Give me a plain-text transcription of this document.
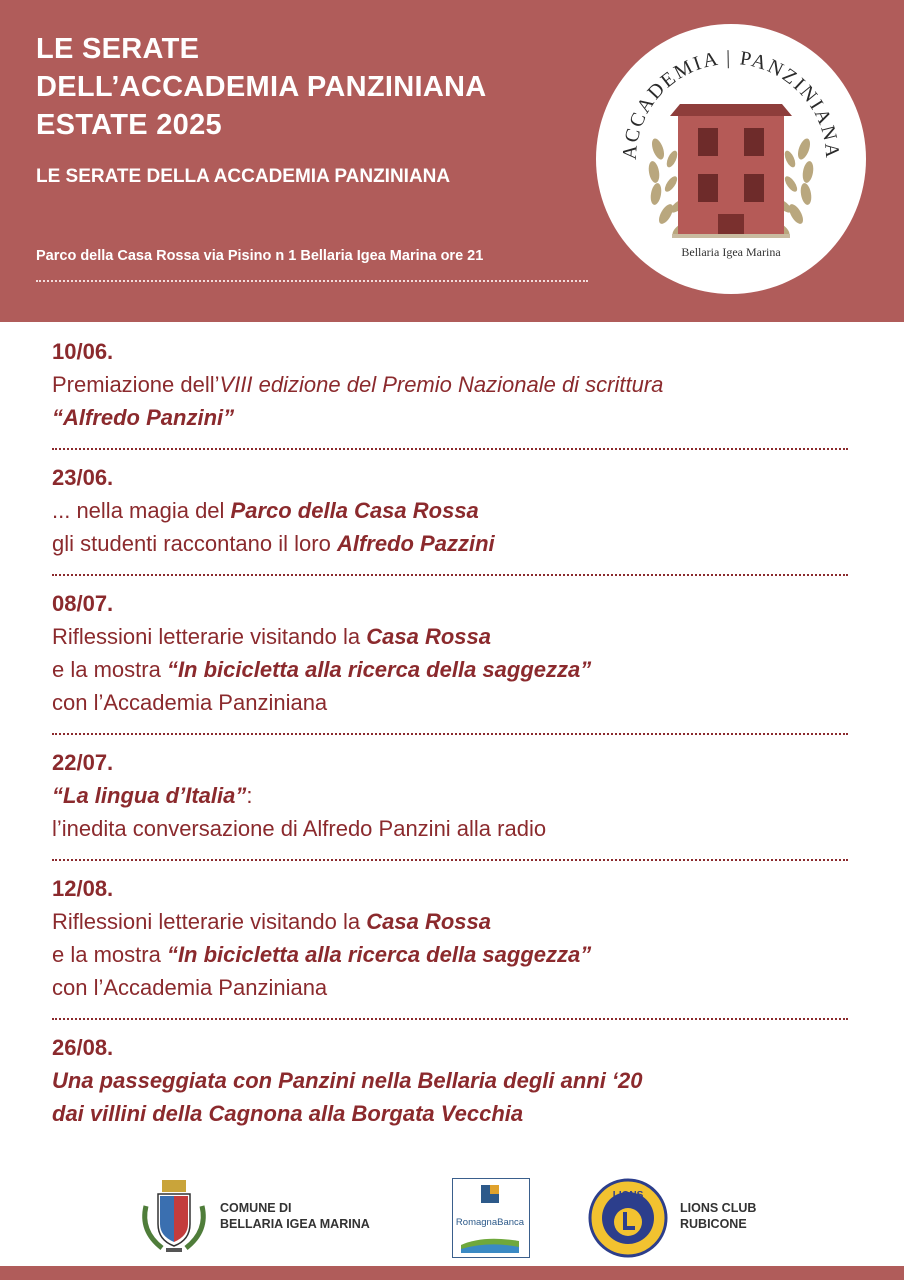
LE SERATE
DELL’ACCADEMIA PANZINIANA
ESTATE 2025
LE SERATE DELLA ACCADEMIA PANZINIANA
Parco della Casa Rossa via Pisino n 1 Bellaria Igea Marina ore 21
ACCADEMIA | PANZINIANA
Bellaria Igea Marina
10/06.
Premiazione dell’VIII edizione del Premio Nazionale di scrittura
“Alfredo Panzini”
23/06.
... nella magia del Parco della Casa Rossa
gli studenti raccontano il loro Alfredo Pazzini
08/07.
Riflessioni letterarie visitando la Casa Rossa
e la mostra “In bicicletta alla ricerca della saggezza”
con l’Accademia Panziniana
22/07.
“La lingua d’Italia”:
l’inedita conversazione di Alfredo Panzini alla radio
12/08.
Riflessioni letterarie visitando la Casa Rossa
e la mostra “In bicicletta alla ricerca della saggezza”
con l’Accademia Panziniana
26/08.
Una passeggiata con Panzini nella Bellaria degli anni ‘20
dai villini della Cagnona alla Borgata Vecchia
COMUNE DI
BELLARIA IGEA MARINA	RomagnaBanca
LIONS
LIONS CLUB
RUBICONE
